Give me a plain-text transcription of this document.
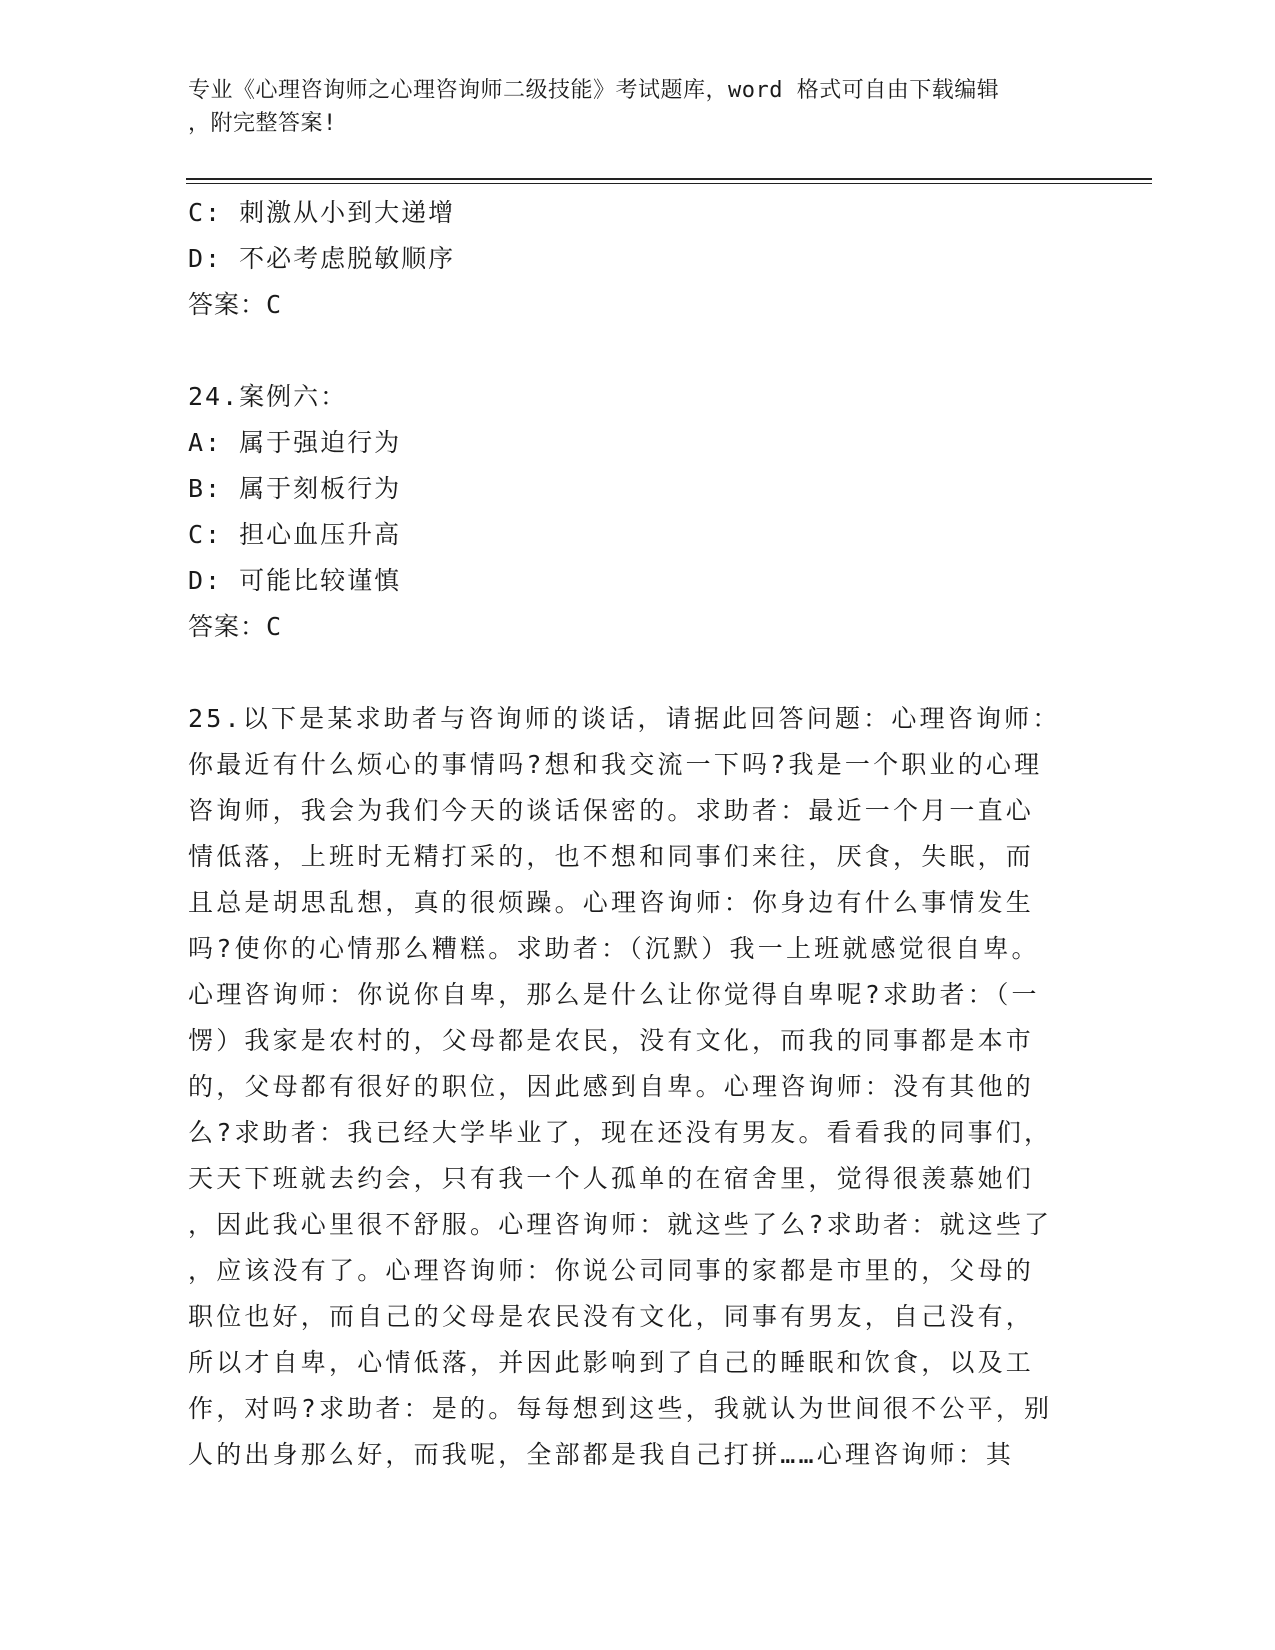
专业《心理咨询师之心理咨询师二级技能》考试题库，word 格式可自由下载编辑
，附完整答案!
C: 刺激从小到大递增
D: 不必考虑脱敏顺序
答案：C
24.案例六：
A: 属于强迫行为
B: 属于刻板行为
C: 担心血压升高
D: 可能比较谨慎
答案：C
25.以下是某求助者与咨询师的谈话，请据此回答问题：心理咨询师：
你最近有什么烦心的事情吗?想和我交流一下吗?我是一个职业的心理
咨询师，我会为我们今天的谈话保密的。求助者：最近一个月一直心
情低落，上班时无精打采的，也不想和同事们来往，厌食，失眠，而
且总是胡思乱想，真的很烦躁。心理咨询师：你身边有什么事情发生
吗?使你的心情那么糟糕。求助者：（沉默）我一上班就感觉很自卑。
心理咨询师：你说你自卑，那么是什么让你觉得自卑呢?求助者：（一
愣）我家是农村的，父母都是农民，没有文化，而我的同事都是本市
的，父母都有很好的职位，因此感到自卑。心理咨询师：没有其他的
么?求助者：我已经大学毕业了，现在还没有男友。看看我的同事们，
天天下班就去约会，只有我一个人孤单的在宿舍里，觉得很羡慕她们
，因此我心里很不舒服。心理咨询师：就这些了么?求助者：就这些了
，应该没有了。心理咨询师：你说公司同事的家都是市里的，父母的
职位也好，而自己的父母是农民没有文化，同事有男友，自己没有，
所以才自卑，心情低落，并因此影响到了自己的睡眠和饮食，以及工
作，对吗?求助者：是的。每每想到这些，我就认为世间很不公平，别
人的出身那么好，而我呢，全部都是我自己打拼……心理咨询师：其
